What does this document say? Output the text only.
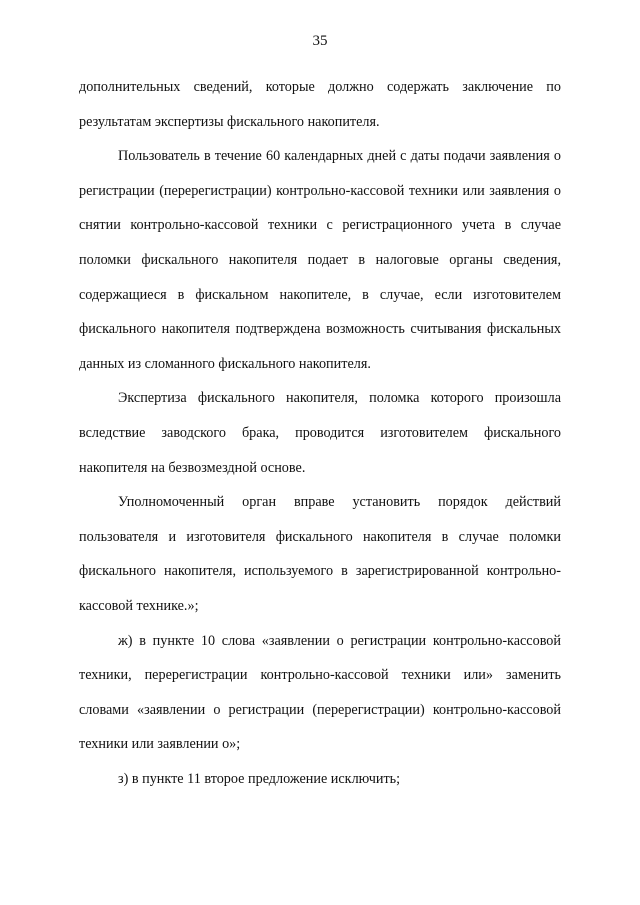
35

дополнительных сведений, которые должно содержать заключение по результатам экспертизы фискального накопителя.

Пользователь в течение 60 календарных дней с даты подачи заявления о регистрации (перерегистрации) контрольно-кассовой техники или заявления о снятии контрольно-кассовой техники с регистрационного учета в случае поломки фискального накопителя подает в налоговые органы сведения, содержащиеся в фискальном накопителе, в случае, если изготовителем фискального накопителя подтверждена возможность считывания фискальных данных из сломанного фискального накопителя.

Экспертиза фискального накопителя, поломка которого произошла вследствие заводского брака, проводится изготовителем фискального накопителя на безвозмездной основе.

Уполномоченный орган вправе установить порядок действий пользователя и изготовителя фискального накопителя в случае поломки фискального накопителя, используемого в зарегистрированной контрольно-кассовой технике.»;

ж) в пункте 10 слова «заявлении о регистрации контрольно-кассовой техники, перерегистрации контрольно-кассовой техники или» заменить словами «заявлении о регистрации (перерегистрации) контрольно-кассовой техники или заявлении о»;

з) в пункте 11 второе предложение исключить;
